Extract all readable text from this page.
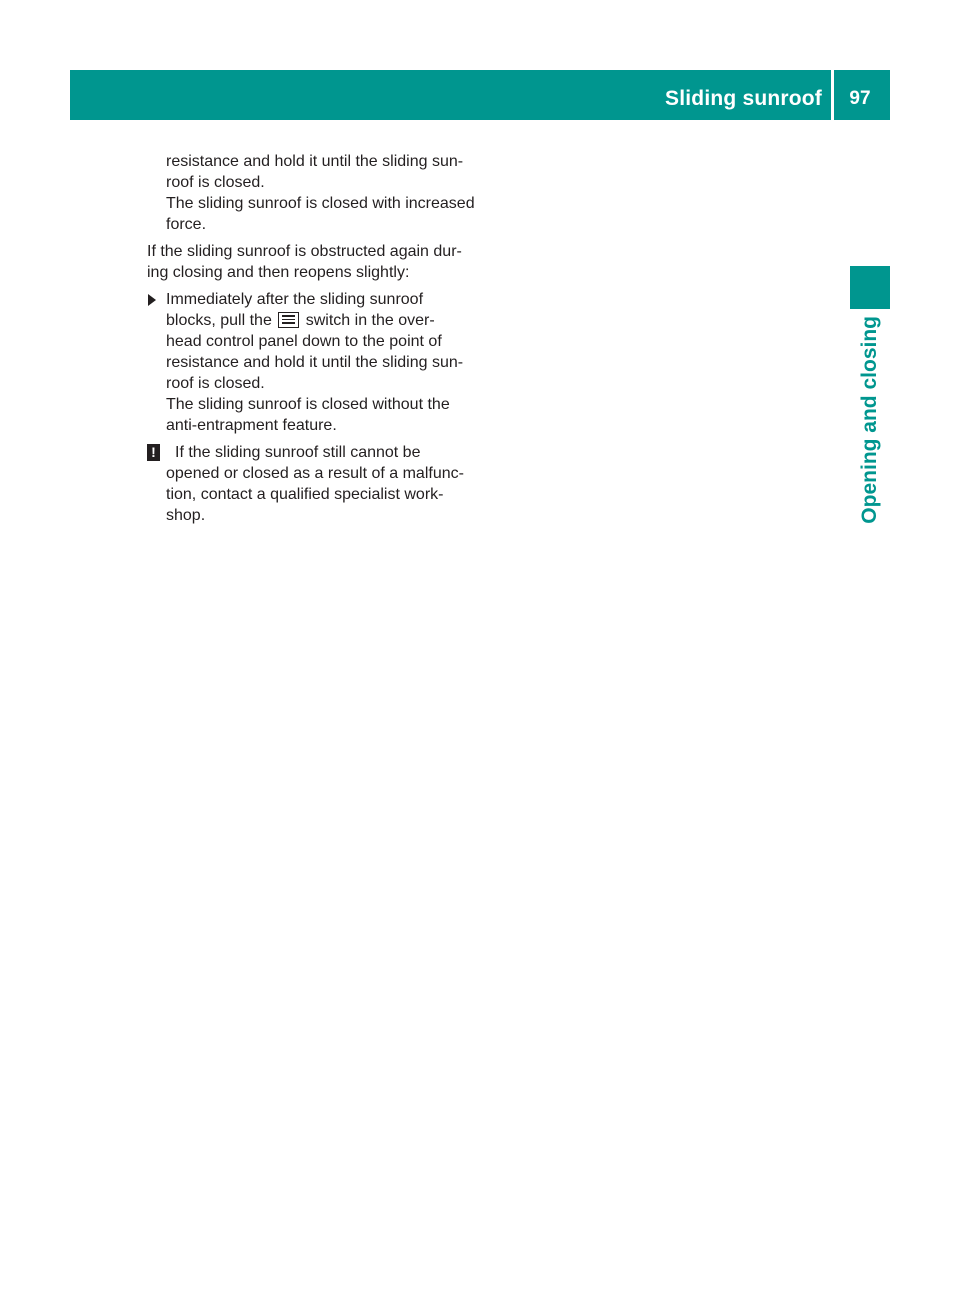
Sliding sunroof	97
Opening and closing
resistance and hold it until the sliding sun-
roof is closed.
The sliding sunroof is closed with increased
force.
If the sliding sunroof is obstructed again dur-
ing closing and then reopens slightly:
Immediately after the sliding sunroof
blocks, pull the switch in the over-
head control panel down to the point of
resistance and hold it until the sliding sun-
roof is closed.
The sliding sunroof is closed without the
anti-entrapment feature.
!	If the sliding sunroof still cannot be
opened or closed as a result of a malfunc-
tion, contact a qualified specialist work-
shop.
